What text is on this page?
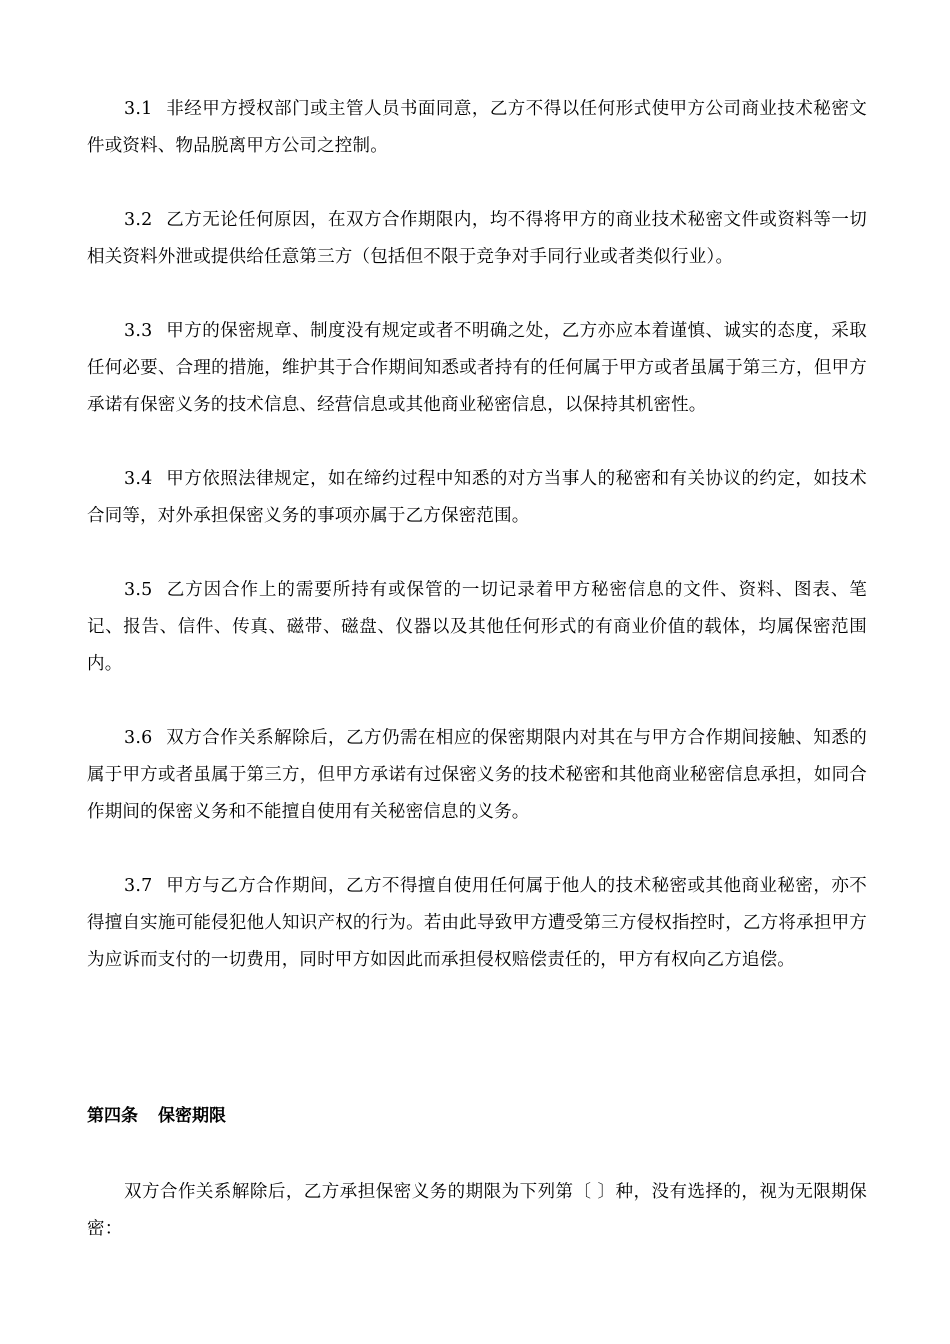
3.1 非经甲方授权部门或主管人员书面同意，乙方不得以任何形式使甲方公司商业技术秘密文件或资料、物品脱离甲方公司之控制。

3.2 乙方无论任何原因，在双方合作期限内，均不得将甲方的商业技术秘密文件或资料等一切相关资料外泄或提供给任意第三方（包括但不限于竞争对手同行业或者类似行业）。

3.3 甲方的保密规章、制度没有规定或者不明确之处，乙方亦应本着谨慎、诚实的态度，采取任何必要、合理的措施，维护其于合作期间知悉或者持有的任何属于甲方或者虽属于第三方，但甲方承诺有保密义务的技术信息、经营信息或其他商业秘密信息，以保持其机密性。

3.4 甲方依照法律规定，如在缔约过程中知悉的对方当事人的秘密和有关协议的约定，如技术合同等，对外承担保密义务的事项亦属于乙方保密范围。

3.5 乙方因合作上的需要所持有或保管的一切记录着甲方秘密信息的文件、资料、图表、笔记、报告、信件、传真、磁带、磁盘、仪器以及其他任何形式的有商业价值的载体，均属保密范围内。

3.6 双方合作关系解除后，乙方仍需在相应的保密期限内对其在与甲方合作期间接触、知悉的属于甲方或者虽属于第三方，但甲方承诺有过保密义务的技术秘密和其他商业秘密信息承担，如同合作期间的保密义务和不能擅自使用有关秘密信息的义务。

3.7 甲方与乙方合作期间，乙方不得擅自使用任何属于他人的技术秘密或其他商业秘密，亦不得擅自实施可能侵犯他人知识产权的行为。若由此导致甲方遭受第三方侵权指控时，乙方将承担甲方为应诉而支付的一切费用，同时甲方如因此而承担侵权赔偿责任的，甲方有权向乙方追偿。

第四条 保密期限

双方合作关系解除后，乙方承担保密义务的期限为下列第〔 〕种，没有选择的，视为无限期保密：
